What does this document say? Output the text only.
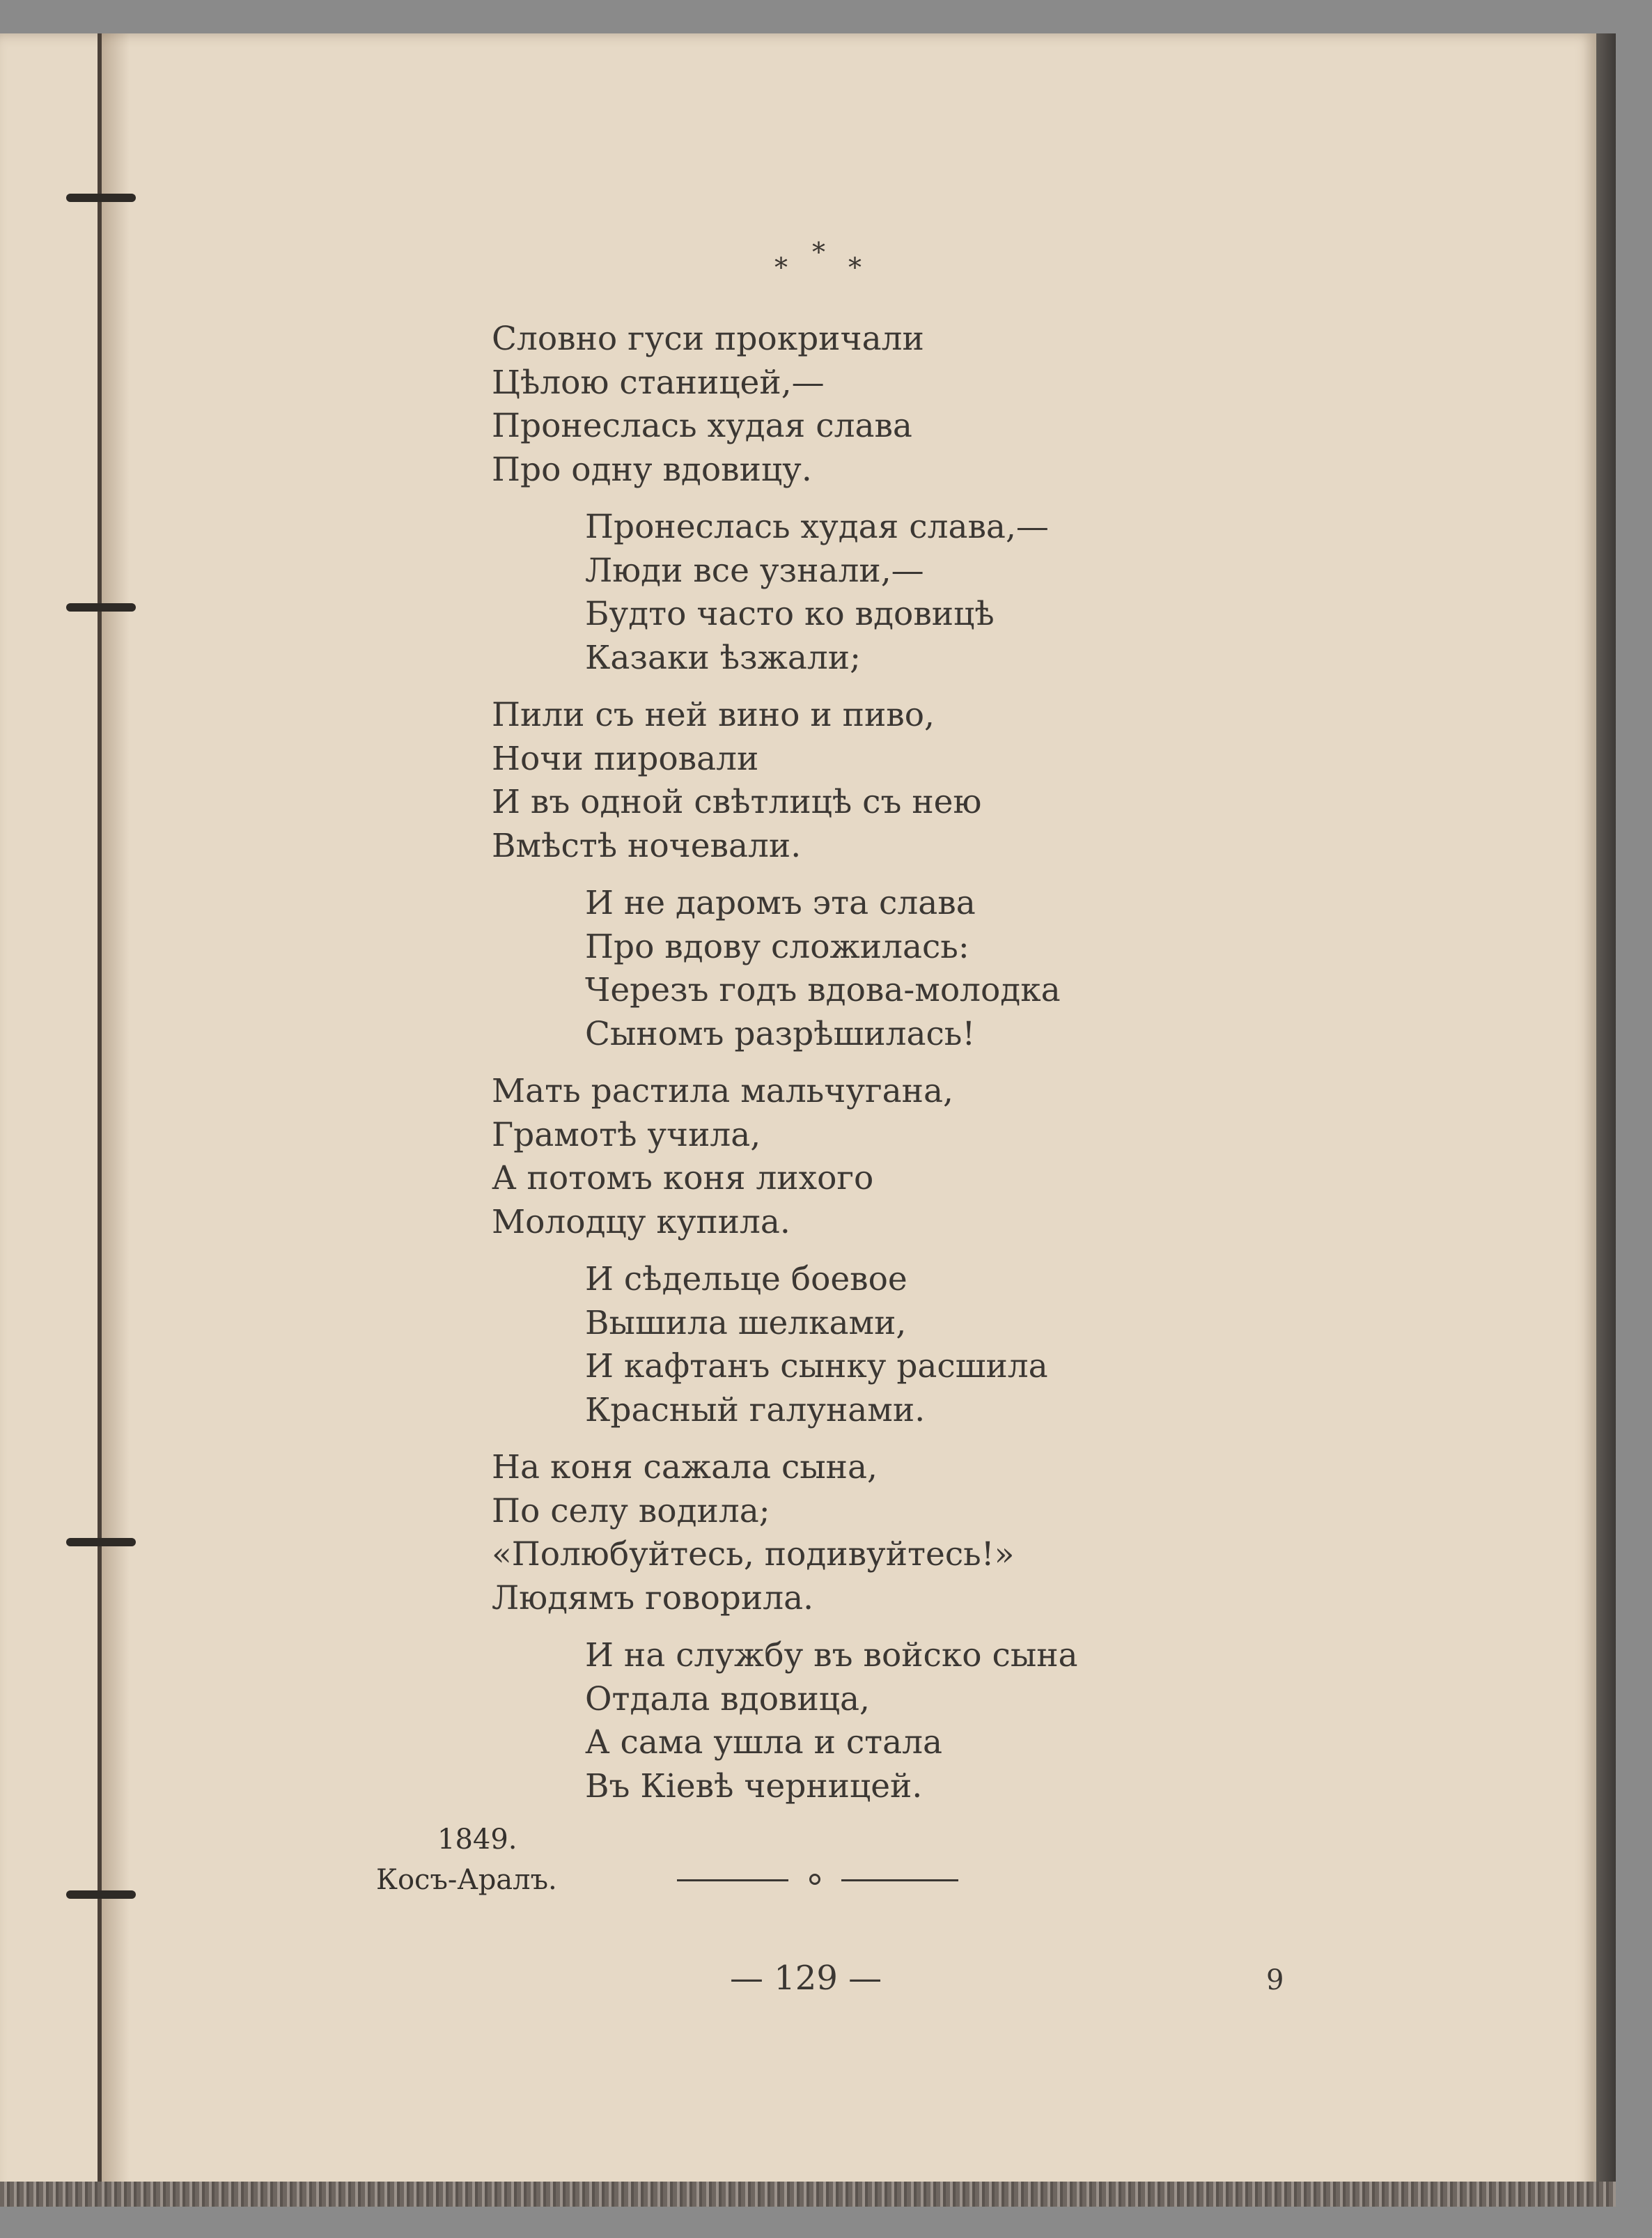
*
* *
Словно гуси прокричали
Цѣлою станицей,—
Пронеслась худая слава
Про одну вдовицу.
Пронеслась худая слава,—
Люди все узнали,—
Будто часто ко вдовицѣ
Казаки ѣзжали;
Пили съ ней вино и пиво,
Ночи пировали
И въ одной свѣтлицѣ съ нею
Вмѣстѣ ночевали.
И не даромъ эта слава
Про вдову сложилась:
Черезъ годъ вдова-молодка
Сыномъ разрѣшилась!
Мать растила мальчугана,
Грамотѣ учила,
А потомъ коня лихого
Молодцу купила.
И сѣдельце боевое
Вышила шелками,
И кафтанъ сынку расшила
Красный галунами.
На коня сажала сына,
По селу водила;
«Полюбуйтесь, подивуйтесь!»
Людямъ говорила.
И на службу въ войско сына
Отдала вдовица,
А сама ушла и стала
Въ Кіевѣ черницей.
1849.
Косъ-Аралъ.
— 129 —	9
